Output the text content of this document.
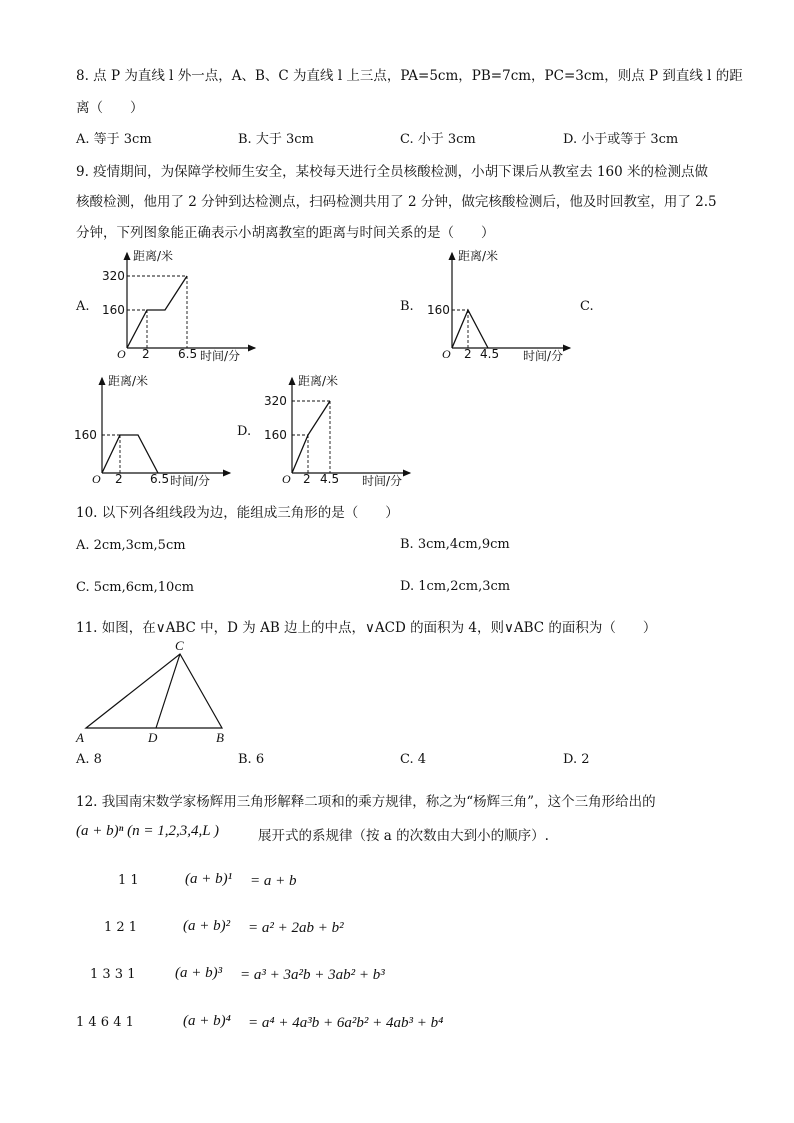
8. 点 P 为直线 l 外一点，A、B、C 为直线 l 上三点，PA=5cm，PB=7cm，PC=3cm，则点 P 到直线 l 的距
离（　　）
A. 等于 3cm	B. 大于 3cm	C. 小于 3cm	D. 小于或等于 3cm
9. 疫情期间，为保障学校师生安全，某校每天进行全员核酸检测，小胡下课后从教室去 160 米的检测点做
核酸检测，他用了 2 分钟到达检测点，扫码检测共用了 2 分钟，做完核酸检测后，他及时回教室，用了 2.5
分钟，下列图象能正确表示小胡离教室的距离与时间关系的是（　　）
A.	B.	C.
D.
距离/米
时间/分
O
320
160
2 6.5
距离/米
时间/分
O
160
2 4.5
距离/米
时间/分
O
160
2 6.5
距离/米
时间/分
O
320
160
2 4.5
10. 以下列各组线段为边，能组成三角形的是（　　）
A. 2cm,3cm,5cm	B. 3cm,4cm,9cm
C. 5cm,6cm,10cm	D. 1cm,2cm,3cm
11. 如图，在∨ABC 中，D 为 AB 边上的中点，∨ACD 的面积为 4，则∨ABC 的面积为（　　）
C
A	D	B
A. 8	B. 6	C. 4	D. 2
12. 我国南宋数学家杨辉用三角形解释二项和的乘方规律，称之为“杨辉三角”，这个三角形给出的
(a + b)ⁿ (n = 1,2,3,4,L )	展开式的系规律（按 a 的次数由大到小的顺序）.
1 1	(a + b)¹ = a + b
1 2 1	(a + b)² = a² + 2ab + b²
1 3 3 1	(a + b)³ = a³ + 3a²b + 3ab² + b³
1 4 6 4 1	(a + b)⁴ = a⁴ + 4a³b + 6a²b² + 4ab³ + b⁴
